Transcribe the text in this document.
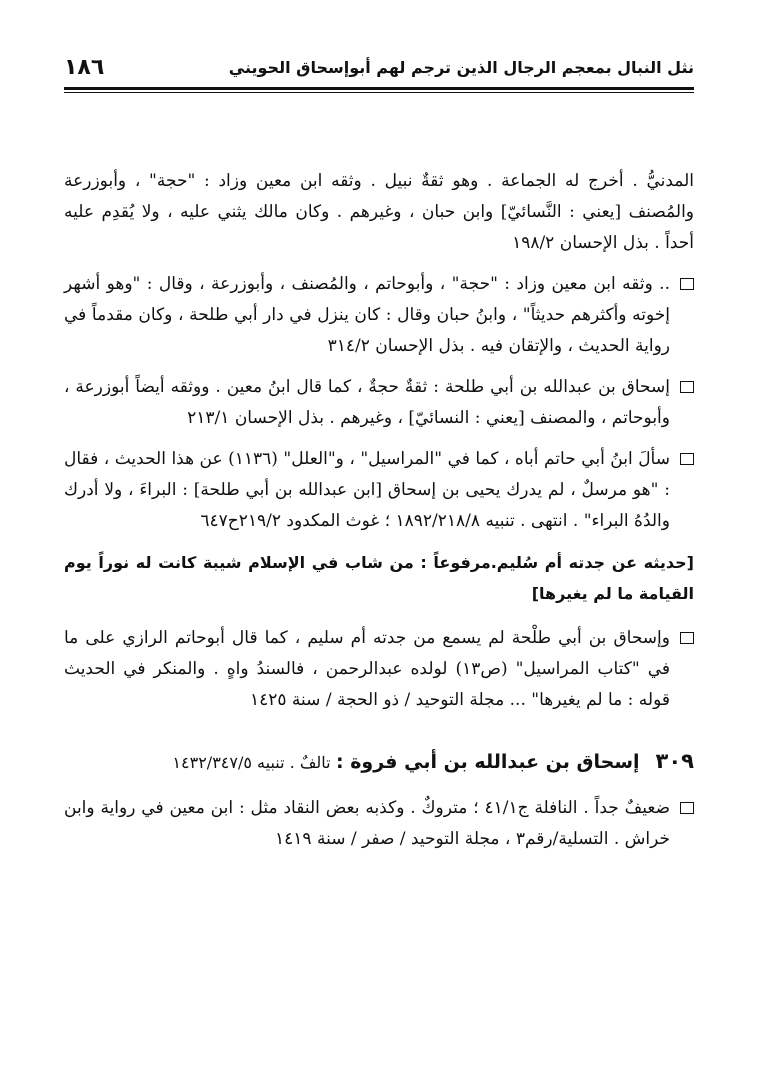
نثل النبال بمعجم الرجال الذين ترجم لهم أبوإسحاق الحويني
١٨٦

المدنيُّ . أخرج له الجماعة . وهو ثقةٌ نبيل . وثقه ابن معين وزاد : "حجة" ، وأبوزرعة والمُصنف [يعني : النَّسائيّ] وابن حبان ، وغيرهم . وكان مالك يثني عليه ، ولا يُقدِم عليه أحداً . بذل الإحسان ١٩٨/٢

.. وثقه ابن معين وزاد : "حجة" ، وأبوحاتم ، والمُصنف ، وأبوزرعة ، وقال : "وهو أشهر إخوته وأكثرهم حديثاً" ، وابنُ حبان وقال : كان ينزل في دار أبي طلحة ، وكان مقدماً في رواية الحديث ، والإتقان فيه . بذل الإحسان ٣١٤/٢

إسحاق بن عبدالله بن أبي طلحة : ثقةٌ حجةٌ ، كما قال ابنُ معين . ووثقه أيضاً أبوزرعة ، وأبوحاتم ، والمصنف [يعني : النسائيّ] ، وغيرهم . بذل الإحسان ٢١٣/١

سألَ ابنُ أبي حاتم أباه ، كما في "المراسيل" ، و"العلل" (١١٣٦) عن هذا الحديث ، فقال : "هو مرسلٌ ، لم يدرك يحيى بن إسحاق [ابن عبدالله بن أبي طلحة] : البراءَ ، ولا أدرك والدُهُ البراء" . انتهى . تنبيه ١٨٩٢/٢١٨/٨ ؛ غوث المكدود ٢١٩/٢ح٦٤٧

[حديثه عن جدته أم سُليم.مرفوعاً : من شاب في الإسلام شيبة كانت له نوراً يوم القيامة ما لم يغيرها]

وإسحاق بن أبي طلْحة لم يسمع من جدته أم سليم ، كما قال أبوحاتم الرازي على ما في "كتاب المراسيل" (ص١٣) لولده عبدالرحمن ، فالسندُ واهٍ . والمنكر في الحديث قوله : ما لم يغيرها" ... مجلة التوحيد / ذو الحجة / سنة ١٤٢٥

٣٠٩
إسحاق بن عبدالله بن أبي فروة : تالفٌ . تنبيه ١٤٣٢/٣٤٧/٥

ضعيفٌ جداً . النافلة ج٤١/١ ؛ متروكٌ . وكذبه بعض النقاد مثل : ابن معين في رواية وابن خراش . التسلية/رقم٣ ، مجلة التوحيد / صفر / سنة ١٤١٩
